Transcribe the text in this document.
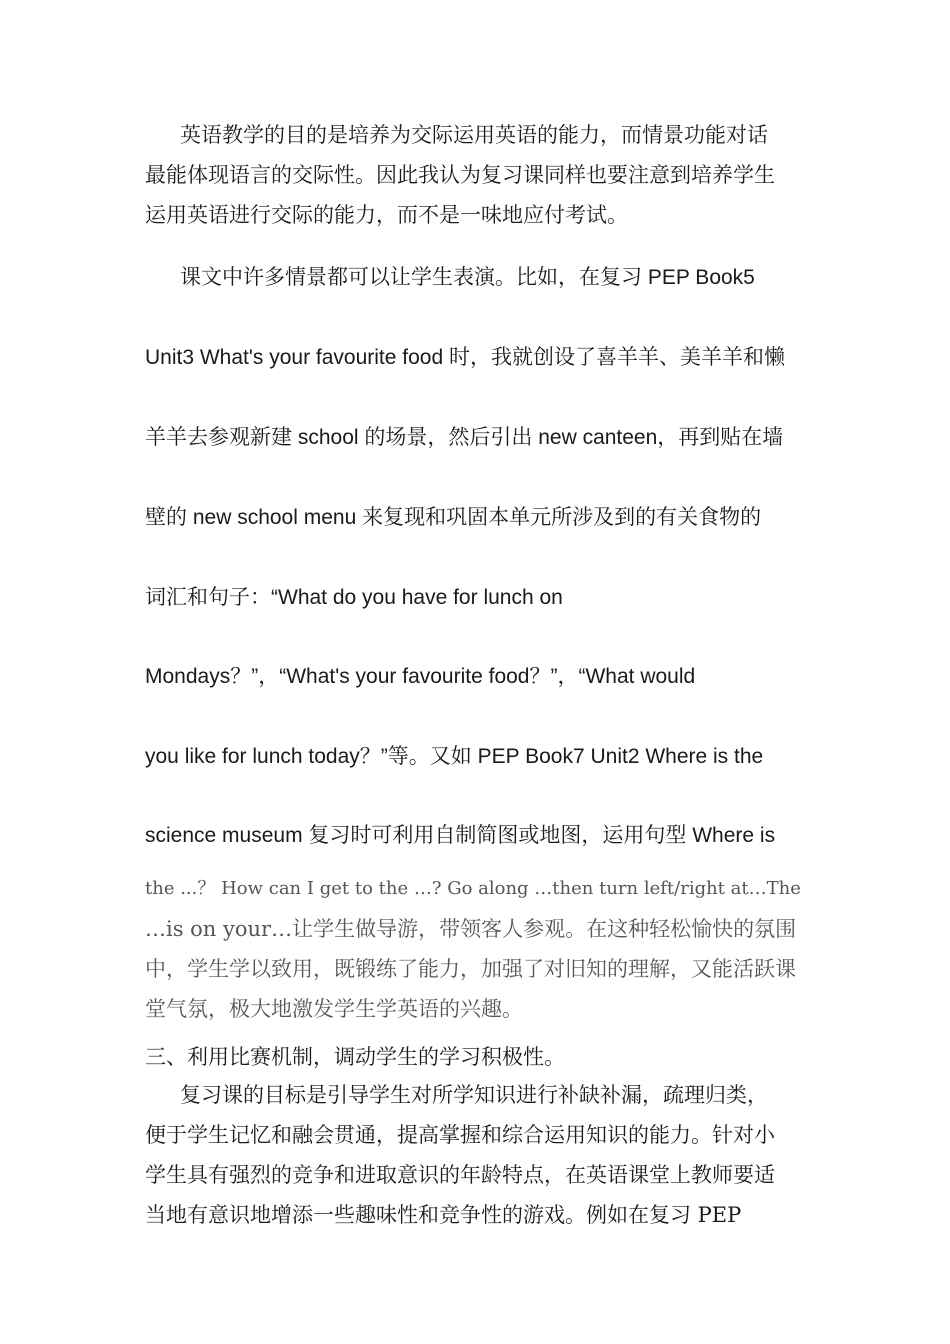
英语教学的目的是培养为交际运用英语的能力，而情景功能对话
最能体现语言的交际性。因此我认为复习课同样也要注意到培养学生
运用英语进行交际的能力，而不是一味地应付考试。
课文中许多情景都可以让学生表演。比如，在复习 PEP Book5
Unit3 What's your favourite food 时，我就创设了喜羊羊、美羊羊和懒
羊羊去参观新建 school 的场景，然后引出 new canteen，再到贴在墙
壁的 new school menu 来复现和巩固本单元所涉及到的有关食物的
词汇和句子：“What do you have for lunch on
Mondays？”，“What's your favourite food？”，“What would
you like for lunch today？”等。又如 PEP Book7 Unit2 Where is the
science museum 复习时可利用自制简图或地图，运用句型 Where is
the ...？ How can I get to the …? Go along …then turn left/right at…The
…is on your…让学生做导游，带领客人参观。在这种轻松愉快的氛围
中，学生学以致用，既锻练了能力，加强了对旧知的理解，又能活跃课
堂气氛，极大地激发学生学英语的兴趣。
三、利用比赛机制，调动学生的学习积极性。
复习课的目标是引导学生对所学知识进行补缺补漏，疏理归类，
便于学生记忆和融会贯通，提高掌握和综合运用知识的能力。针对小
学生具有强烈的竞争和进取意识的年龄特点，在英语课堂上教师要适
当地有意识地增添一些趣味性和竞争性的游戏。例如在复习 PEP
